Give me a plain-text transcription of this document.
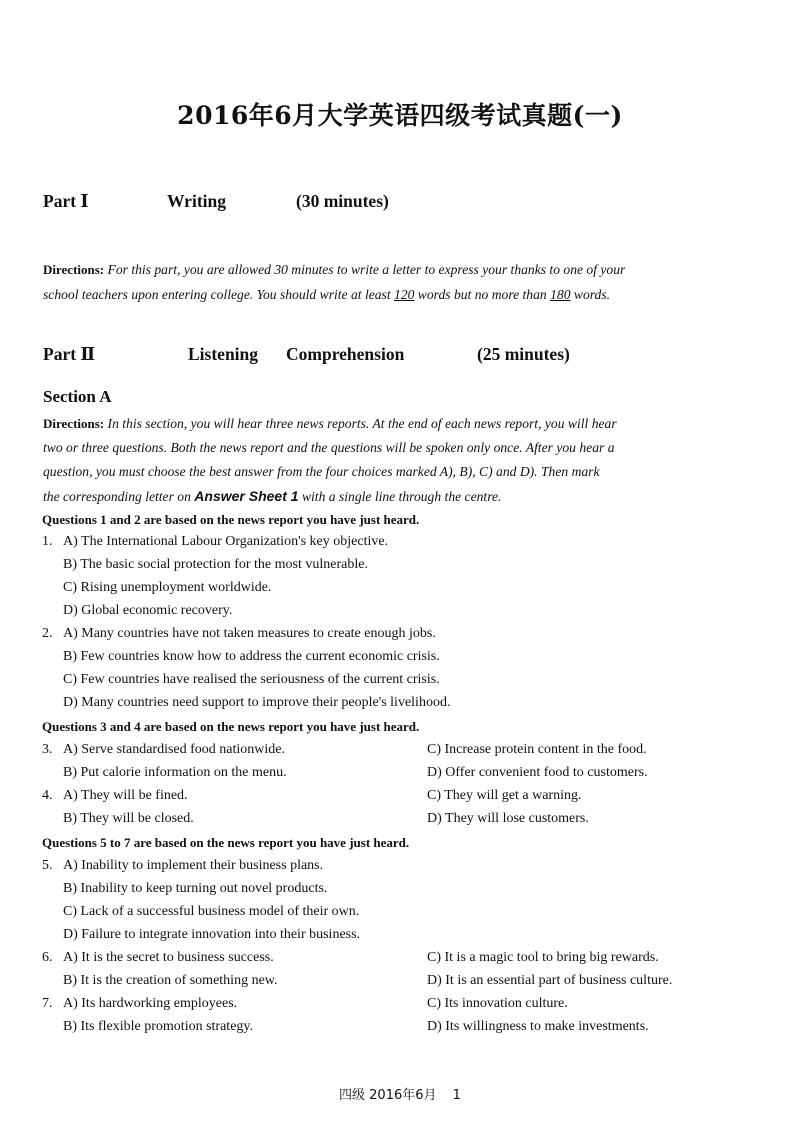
2016年6月大学英语四级考试真题(一)
Part Ⅰ	Writing	(30 minutes)
Directions: For this part, you are allowed 30 minutes to write a letter to express your thanks to one of your
school teachers upon entering college. You should write at least 120 words but no more than 180 words.
Part Ⅱ	Listening Comprehension	(25 minutes)
Section A
Directions: In this section, you will hear three news reports. At the end of each news report, you will hear
two or three questions. Both the news report and the questions will be spoken only once. After you hear a
question, you must choose the best answer from the four choices marked A), B), C) and D). Then mark
the corresponding letter on Answer Sheet 1 with a single line through the centre.
Questions 1 and 2 are based on the news report you have just heard.
1. A) The International Labour Organization's key objective.
B) The basic social protection for the most vulnerable.
C) Rising unemployment worldwide.
D) Global economic recovery.
2. A) Many countries have not taken measures to create enough jobs.
B) Few countries know how to address the current economic crisis.
C) Few countries have realised the seriousness of the current crisis.
D) Many countries need support to improve their people's livelihood.
Questions 3 and 4 are based on the news report you have just heard.
3. A) Serve standardised food nationwide.	C) Increase protein content in the food.
B) Put calorie information on the menu.	D) Offer convenient food to customers.
4. A) They will be fined.	C) They will get a warning.
B) They will be closed.	D) They will lose customers.
Questions 5 to 7 are based on the news report you have just heard.
5. A) Inability to implement their business plans.
B) Inability to keep turning out novel products.
C) Lack of a successful business model of their own.
D) Failure to integrate innovation into their business.
6. A) It is the secret to business success.	C) It is a magic tool to bring big rewards.
B) It is the creation of something new.	D) It is an essential part of business culture.
7. A) Its hardworking employees.	C) Its innovation culture.
B) Its flexible promotion strategy.	D) Its willingness to make investments.
四级 2016年6月 1
